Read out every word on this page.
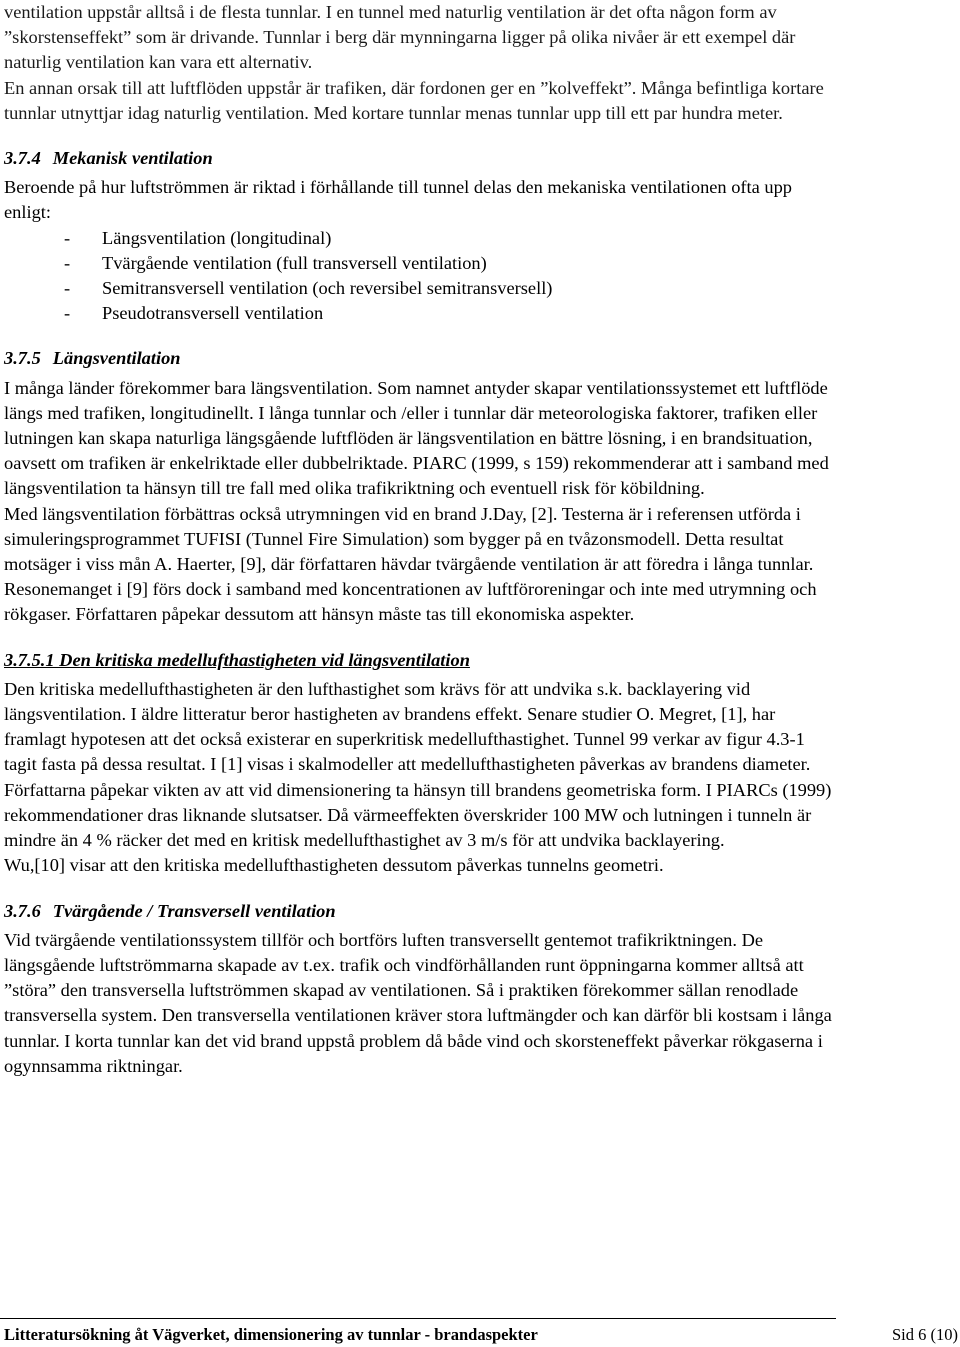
ventilation uppstår alltså i de flesta tunnlar. I en tunnel med naturlig ventilation är det ofta någon form av ”skorstenseffekt” som är drivande. Tunnlar i berg där mynningarna ligger på olika nivåer är ett exempel där naturlig ventilation kan vara ett alternativ.

En annan orsak till att luftflöden uppstår är trafiken, där fordonen ger en ”kolveffekt”. Många befintliga kortare tunnlar utnyttjar idag naturlig ventilation. Med kortare tunnlar menas tunnlar upp till ett par hundra meter.

3.7.4 Mekanisk ventilation

Beroende på hur luftströmmen är riktad i förhållande till tunnel delas den mekaniska ventilationen ofta upp enligt:

- Längsventilation (longitudinal)
- Tvärgående ventilation (full transversell ventilation)
- Semitransversell ventilation (och reversibel semitransversell)
- Pseudotransversell ventilation
3.7.5 Längsventilation

I många länder förekommer bara längsventilation. Som namnet antyder skapar ventilationssystemet ett luftflöde längs med trafiken, longitudinellt. I långa tunnlar och /eller i tunnlar där meteorologiska faktorer, trafiken eller lutningen kan skapa naturliga längsgående luftflöden är längsventilation en bättre lösning, i en brandsituation, oavsett om trafiken är enkelriktade eller dubbelriktade. PIARC (1999, s 159) rekommenderar att i samband med längsventilation ta hänsyn till tre fall med olika trafikriktning och eventuell risk för köbildning.

Med längsventilation förbättras också utrymningen vid en brand J.Day, [2]. Testerna är i referensen utförda i simuleringsprogrammet TUFISI (Tunnel Fire Simulation) som bygger på en tvåzonsmodell. Detta resultat motsäger i viss mån A. Haerter, [9], där författaren hävdar tvärgående ventilation är att föredra i långa tunnlar. Resonemanget i [9] förs dock i samband med koncentrationen av luftföroreningar och inte med utrymning och rökgaser. Författaren påpekar dessutom att hänsyn måste tas till ekonomiska aspekter.

3.7.5.1 Den kritiska medellufthastigheten vid längsventilation

Den kritiska medellufthastigheten är den lufthastighet som krävs för att undvika s.k. backlayering vid längsventilation. I äldre litteratur beror hastigheten av brandens effekt. Senare studier O. Megret, [1], har framlagt hypotesen att det också existerar en superkritisk medellufthastighet. Tunnel 99 verkar av figur 4.3-1 tagit fasta på dessa resultat. I [1] visas i skalmodeller att medellufthastigheten påverkas av brandens diameter. Författarna påpekar vikten av att vid dimensionering ta hänsyn till brandens geometriska form. I PIARCs (1999) rekommendationer dras liknande slutsatser. Då värmeeffekten överskrider 100 MW och lutningen i tunneln är mindre än 4 % räcker det med en kritisk medellufthastighet av 3 m/s för att undvika backlayering.

Wu,[10] visar att den kritiska medellufthastigheten dessutom påverkas tunnelns geometri.

3.7.6 Tvärgående / Transversell ventilation

Vid tvärgående ventilationssystem tillför och bortförs luften transversellt gentemot trafikriktningen. De längsgående luftströmmarna skapade av t.ex. trafik och vindförhållanden runt öppningarna kommer alltså att ”störa” den transversella luftströmmen skapad av ventilationen. Så i praktiken förekommer sällan renodlade transversella system. Den transversella ventilationen kräver stora luftmängder och kan därför bli kostsam i långa tunnlar. I korta tunnlar kan det vid brand uppstå problem då både vind och skorsteneffekt påverkar rökgaserna i ogynnsamma riktningar.

Litteratursökning åt Vägverket, dimensionering av tunnlar - brandaspekter	Sid 6 (10)
